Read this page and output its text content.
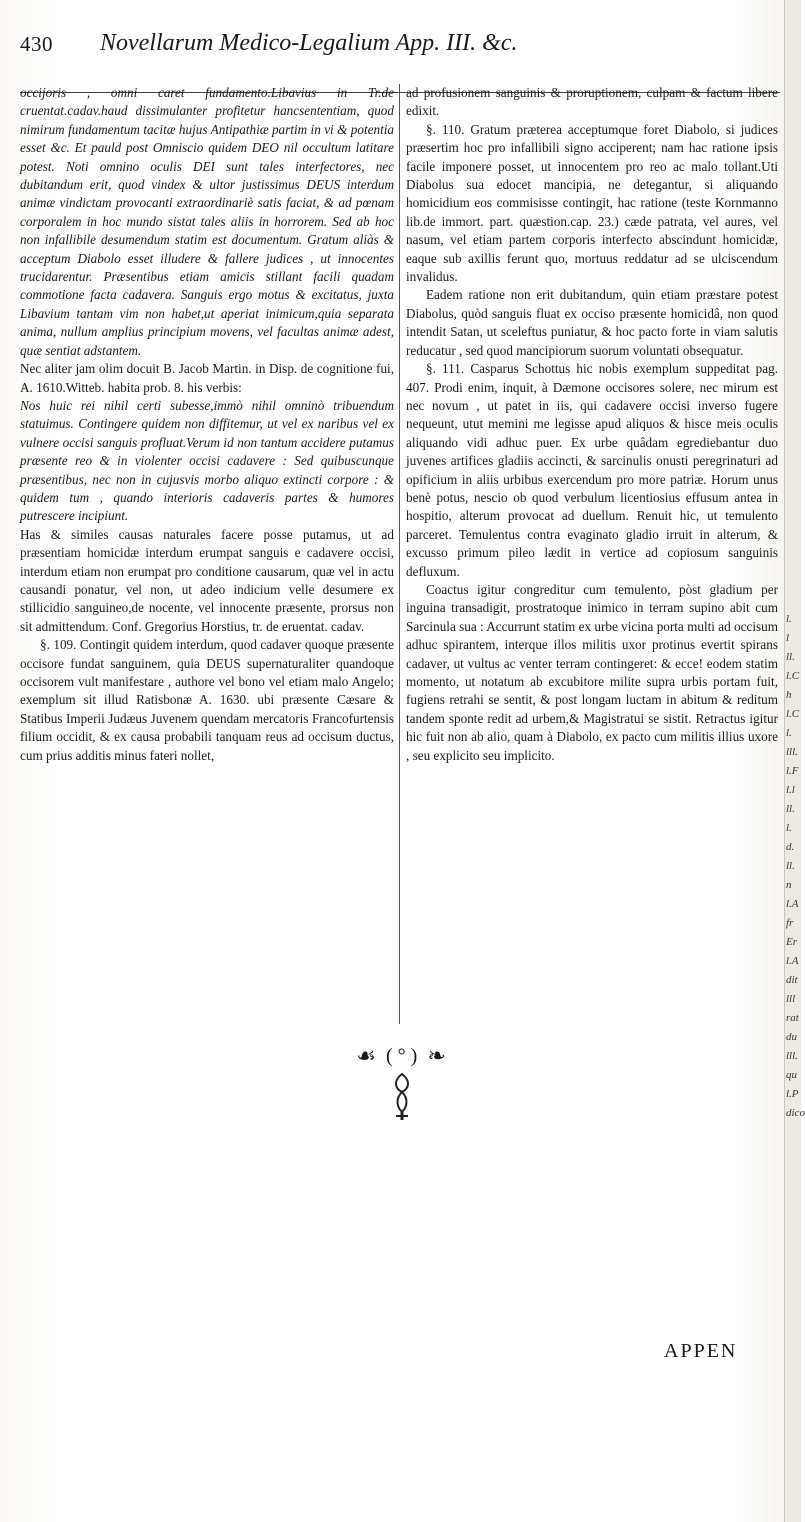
l.
l
ll.
l.C
h
l.C
l.
lll.
l.F
l.l
ll.
l.
d.
ll.
n
l.A
fr
Er
l.A
dit
lll
rat
du
lll.
qu
l.P
dico
430 Novellarum Medico-Legalium App. III. &c.

occijoris , omni caret fundamento.Libavius in Tr.de cruentat.cadav.haud dissimulanter profitetur hancsententiam, quod nimirum fundamentum tacitæ hujus Antipathiæ partim in vi & potentia esset &c. Et pauld post Omniscio quidem DEO nil occultum latitare potest. Noti omnino oculis DEI sunt tales interfectores, nec dubitandum erit, quod vindex & ultor justissimus DEUS interdum animæ vindictam provocanti extraordinariè satis faciat, & ad pœnam corporalem in hoc mundo sistat tales aliis in horrorem. Sed ab hoc non infallibile desumendum statim est documentum. Gratum aliàs & acceptum Diabolo esset illudere & fallere judices , ut innocentes trucidarentur. Præsentibus etiam amicis stillant facili quadam commotione facta cadavera. Sanguis ergo motus & excitatus, juxta Libavium tantam vim non habet,ut aperiat inimicum,quia separata anima, nullum amplius principium movens, vel facultas animæ adest, quæ sentiat adstantem.

Nec aliter jam olim docuit B. Jacob Martin. in Disp. de cognitione fui, A. 1610.Witteb. habita prob. 8. his verbis:

Nos huic rei nihil certi subesse,immò nihil omninò tribuendum statuimus. Contingere quidem non diffitemur, ut vel ex naribus vel ex vulnere occisi sanguis profluat.Verum id non tantum accidere putamus præsente reo & in violenter occisi cadavere : Sed quibuscunque præsentibus, nec non in cujusvis morbo aliquo extincti corpore : & quidem tum , quando interioris cadaveris partes & humores putrescere incipiunt.

Has & similes causas naturales facere posse putamus, ut ad præsentiam homicidæ interdum erumpat sanguis e cadavere occisi, interdum etiam non erumpat pro conditione causarum, quæ vel in actu causandi ponatur, vel non, ut adeo indicium velle desumere ex stillicidio sanguineo,de nocente, vel innocente præsente, prorsus non sit admittendum. Conf. Gregorius Horstius, tr. de eruentat. cadav.

§. 109. Contingit quidem interdum, quod cadaver quoque præsente occisore fundat sanguinem, quia DEUS supernaturaliter quandoque occisorem vult manifestare , authore vel bono vel etiam malo Angelo; exemplum sit illud Ratisbonæ A. 1630. ubi præsente Cæsare & Statibus Imperii Judæus Juvenem quendam mercatoris Francofurtensis filium occidit, & ex causa probabili tanquam reus ad occisum ductus, cum prius additis minus fateri nollet,

ad profusionem sanguinis & proruptionem, culpam & factum libere edixit.

§. 110. Gratum præterea acceptumque foret Diabolo, si judices præsertim hoc pro infallibili signo acciperent; nam hac ratione ipsis facile imponere posset, ut innocentem pro reo ac malo tollant.Uti Diabolus sua edocet mancipia, ne detegantur, si aliquando homicidium eos commisisse contingit, hac ratione (teste Kornmanno lib.de immort. part. quæstion.cap. 23.) cæde patrata, vel aures, vel nasum, vel etiam partem corporis interfecto abscindunt homicidæ, eaque sub axillis ferunt quo, mortuus reddatur ad se ulciscendum invalidus.

Eadem ratione non erit dubitandum, quin etiam præstare potest Diabolus, quòd sanguis fluat ex occiso præsente homicidâ, non quod intendit Satan, ut sceleftus puniatur, & hoc pacto forte in viam salutis reducatur , sed quod mancipiorum suorum voluntati obsequatur.

§. 111. Casparus Schottus hic nobis exemplum suppeditat pag. 407. Prodi enim, inquit, à Dæmone occisores solere, nec mirum est nec novum , ut patet in iis, qui cadavere occisi inverso fugere nequeunt, utut memini me legisse apud aliquos & hisce meis oculis aliquando vidi adhuc puer. Ex urbe quâdam egrediebantur duo juvenes artifices gladiis accincti, & sarcinulis onusti peregrinaturi ad opificium in aliis urbibus exercendum pro more patriæ. Horum unus benè potus, nescio ob quod verbulum licentiosius effusum antea in hospitio, alterum provocat ad duellum. Renuit hic, ut temulento parceret. Temulentus contra evaginato gladio irruit in alterum, & excusso primum pileo lædit in vertice ad copiosum sanguinis defluxum.

Coactus igitur congreditur cum temulento, pòst gladium per inguina transadigit, prostratoque inimico in terram supino abit cum Sarcinula sua : Accurrunt statim ex urbe vicina porta multi ad occisum adhuc spirantem, interque illos militis uxor protinus evertit spirans cadaver, ut vultus ac venter terram contingeret: & ecce! eodem statim momento, ut notatum ab excubitore milite supra urbis portam fuit, fugiens retrahi se sentit, & post longam luctam in abitum & reditum tandem sponte redit ad urbem,& Magistratui se sistit. Retractus igitur hic fuit non ab alio, quam à Diabolo, ex pacto cum militis illius uxore , seu explicito seu implicito.

☙ ( ° ) ❧
APPEN
